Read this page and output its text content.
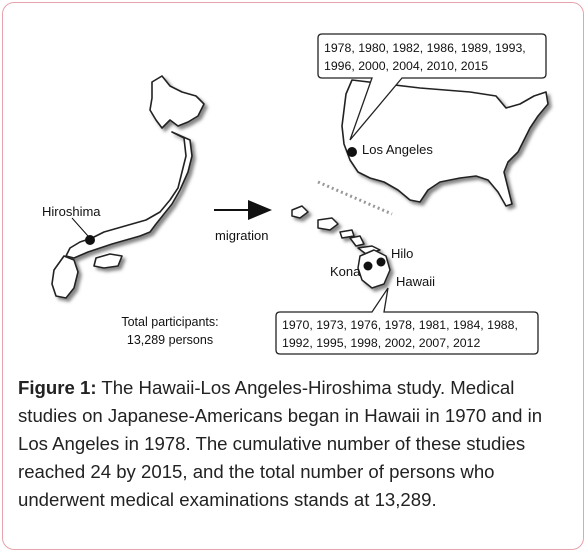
Hiroshima
migration
Los Angeles
1978, 1980, 1982, 1986, 1989, 1993,
1996, 2000, 2004, 2010, 2015
Hilo
Kona
Hawaii
1970, 1973, 1976, 1978, 1981, 1984, 1988,
1992, 1995, 1998, 2002, 2007, 2012
Total participants:
13,289 persons
Figure 1: The Hawaii-Los Angeles-Hiroshima study. Medical studies on Japanese-Americans began in Hawaii in 1970 and in Los Angeles in 1978. The cumulative number of these studies reached 24 by 2015, and the total number of persons who underwent medical examinations stands at 13,289.
